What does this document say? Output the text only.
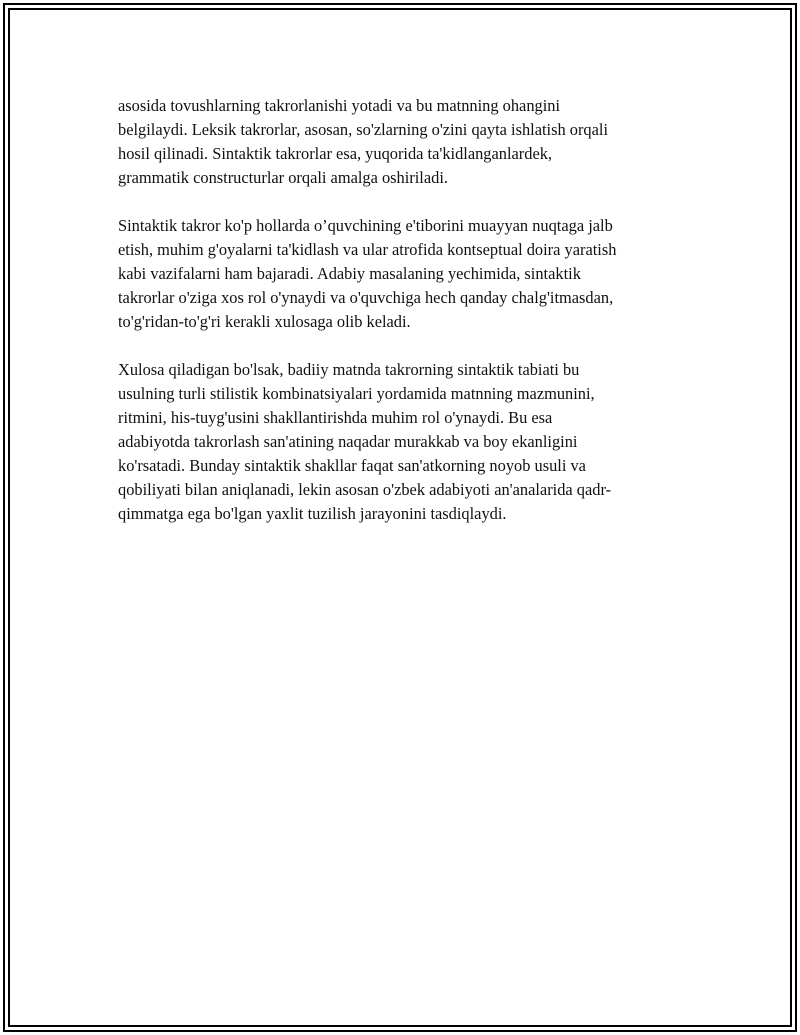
asosida tovushlarning takrorlanishi yotadi va bu matnning ohangini
belgilaydi. Leksik takrorlar, asosan, so'zlarning o'zini qayta ishlatish orqali
hosil qilinadi. Sintaktik takrorlar esa, yuqorida ta'kidlanganlardek,
grammatik constructurlar orqali amalga oshiriladi.

Sintaktik takror ko'p hollarda o’quvchining e'tiborini muayyan nuqtaga jalb
etish, muhim g'oyalarni ta'kidlash va ular atrofida kontseptual doira yaratish
kabi vazifalarni ham bajaradi. Adabiy masalaning yechimida, sintaktik
takrorlar o'ziga xos rol o'ynaydi va o'quvchiga hech qanday chalg'itmasdan,
to'g'ridan-to'g'ri kerakli xulosaga olib keladi.

Xulosa qiladigan bo'lsak, badiiy matnda takrorning sintaktik tabiati bu
usulning turli stilistik kombinatsiyalari yordamida matnning mazmunini,
ritmini, his-tuyg'usini shakllantirishda muhim rol o'ynaydi. Bu esa
adabiyotda takrorlash san'atining naqadar murakkab va boy ekanligini
ko'rsatadi. Bunday sintaktik shakllar faqat san'atkorning noyob usuli va
qobiliyati bilan aniqlanadi, lekin asosan o'zbek adabiyoti an'analarida qadr-
qimmatga ega bo'lgan yaxlit tuzilish jarayonini tasdiqlaydi.
